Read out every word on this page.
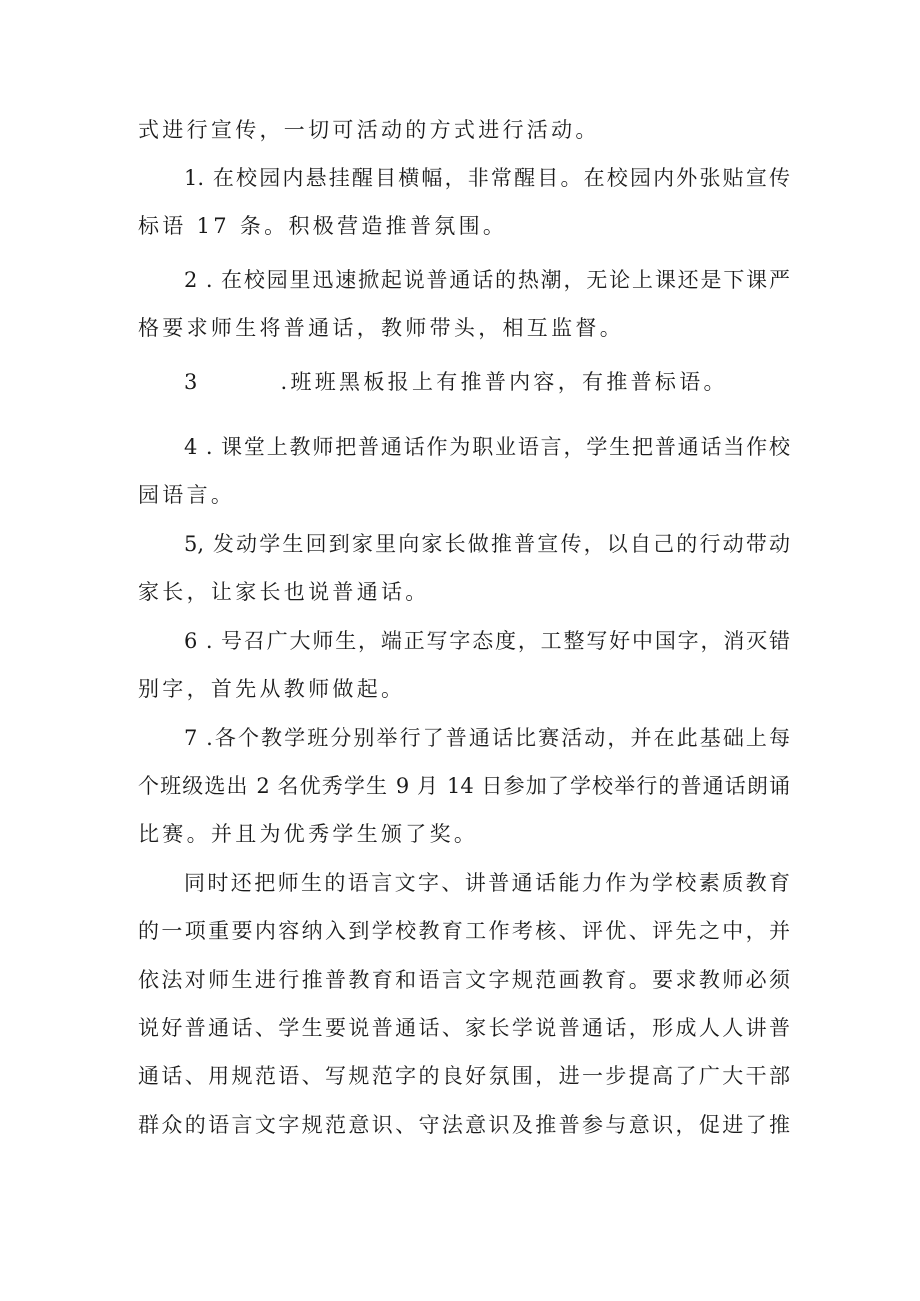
式进行宣传，一切可活动的方式进行活动。
1. 在校园内悬挂醒目横幅，非常醒目。在校园内外张贴宣传
标语 17 条。积极营造推普氛围。
2 . 在校园里迅速掀起说普通话的热潮，无论上课还是下课严
格要求师生将普通话，教师带头，相互监督。
3        .班班黑板报上有推普内容，有推普标语。
4 . 课堂上教师把普通话作为职业语言，学生把普通话当作校
园语言。
5, 发动学生回到家里向家长做推普宣传，以自己的行动带动
家长，让家长也说普通话。
6 . 号召广大师生，端正写字态度，工整写好中国字，消灭错
别字，首先从教师做起。
7 .各个教学班分别举行了普通话比赛活动，并在此基础上每
个班级选出 2 名优秀学生 9 月 14 日参加了学校举行的普通话朗诵
比赛。并且为优秀学生颁了奖。
同时还把师生的语言文字、讲普通话能力作为学校素质教育
的一项重要内容纳入到学校教育工作考核、评优、评先之中，并
依法对师生进行推普教育和语言文字规范画教育。要求教师必须
说好普通话、学生要说普通话、家长学说普通话，形成人人讲普
通话、用规范语、写规范字的良好氛围，进一步提高了广大干部
群众的语言文字规范意识、守法意识及推普参与意识，促进了推
